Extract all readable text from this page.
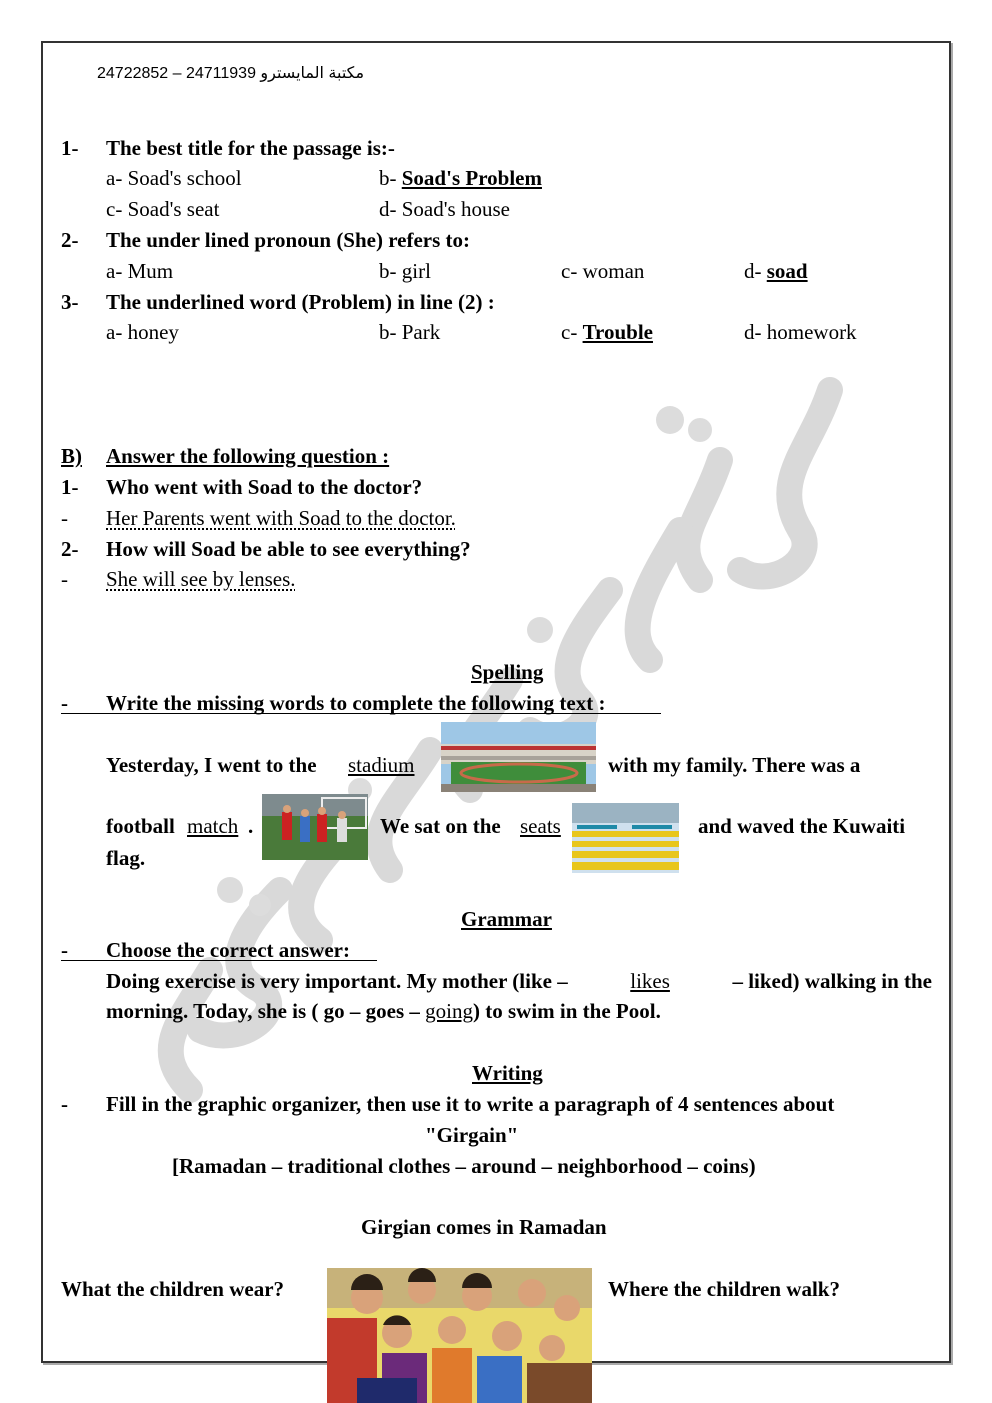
24722852 – 24711939 مكتبة المايسترو
1- The best title for the passage is:-
a- Soad's school	b- Soad's Problem
c- Soad's seat	d- Soad's house
2- The under lined pronoun (She) refers to:
a- Mum	b- girl	c- woman	d- soad
3- The underlined word (Problem) in line (2) :
a- honey	b- Park	c- Trouble	d- homework
B) Answer the following question :
1- Who went with Soad to the doctor?
- Her Parents went with Soad to the doctor.
2- How will Soad be able to see everything?
- She will see by lenses.
Spelling
- Write the missing words to complete the following text :
Yesterday, I went to the stadium	with my family. There was a
football match .	We sat on the seats	and waved the Kuwaiti
flag.
Grammar
- Choose the correct answer:
Doing exercise is very important. My mother (like –	likes	– liked) walking in the
morning. Today, she is ( go – goes – going) to swim in the Pool.
Writing
- Fill in the graphic organizer, then use it to write a paragraph of 4 sentences about
"Girgain"
[Ramadan – traditional clothes – around – neighborhood – coins)
Girgian comes in Ramadan
What the children wear?	Where the children walk?
